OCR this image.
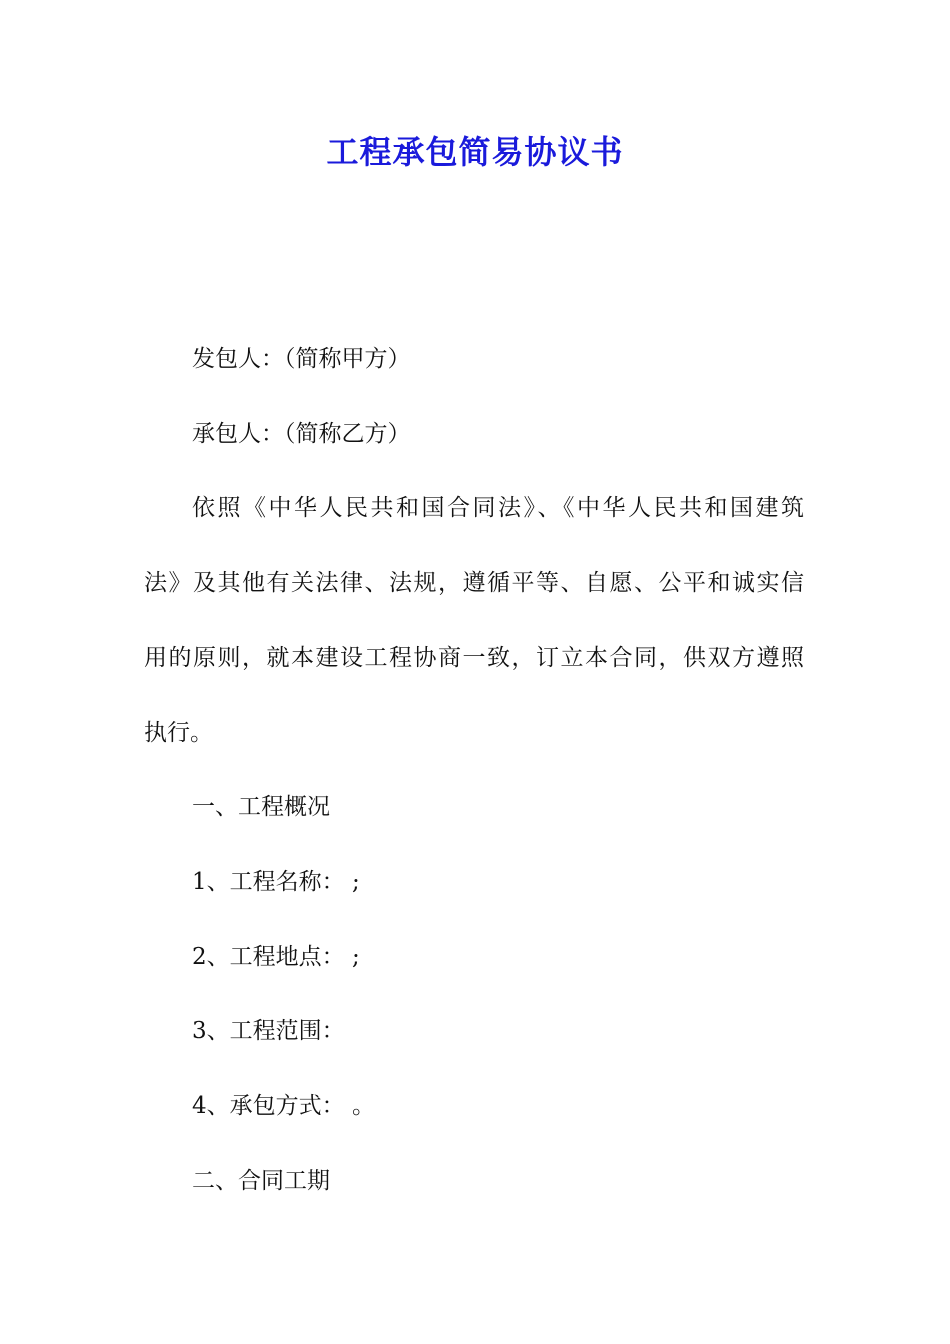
工程承包简易协议书
发包人：（简称甲方）
承包人：（简称乙方）
依照《中华人民共和国合同法》、《中华人民共和国建筑
法》及其他有关法律、法规，遵循平等、自愿、公平和诚实信
用的原则，就本建设工程协商一致，订立本合同，供双方遵照
执行。
一、工程概况
1、工程名称： ;
2、工程地点： ;
3、工程范围：
4、承包方式： 。
二、合同工期
